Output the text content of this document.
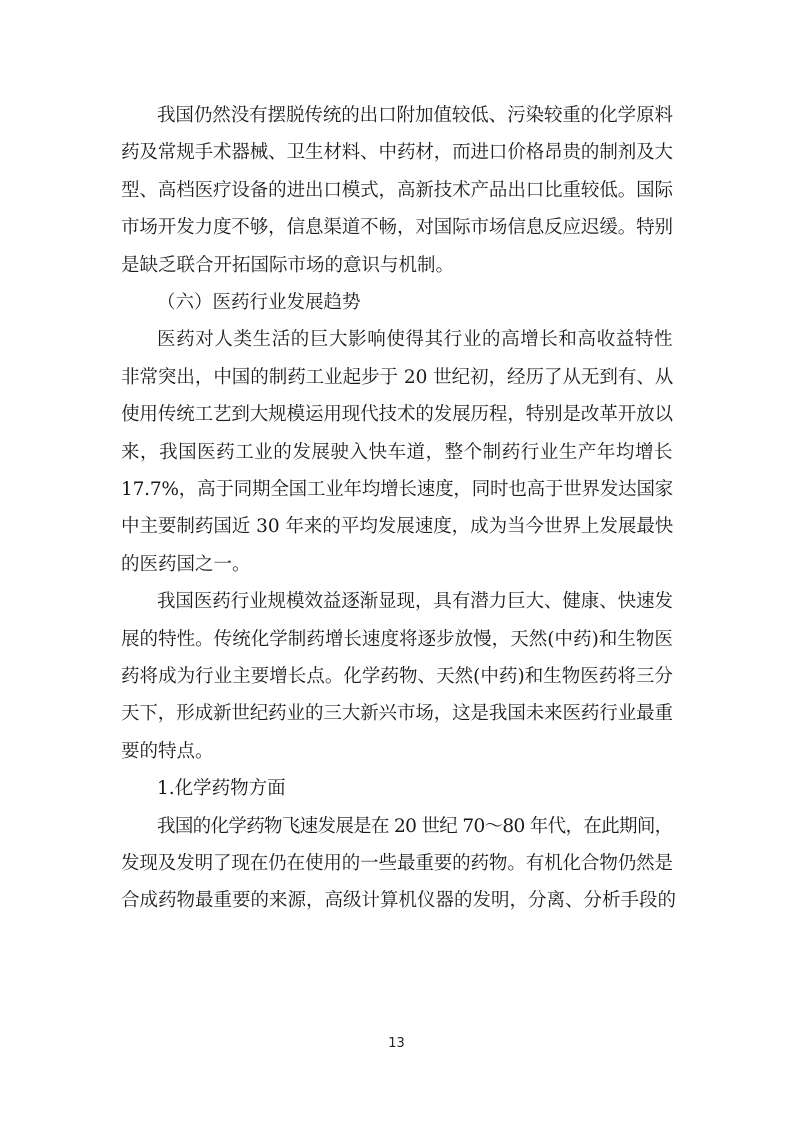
我国仍然没有摆脱传统的出口附加值较低、污染较重的化学原料
药及常规手术器械、卫生材料、中药材，而进口价格昂贵的制剂及大
型、高档医疗设备的进出口模式，高新技术产品出口比重较低。国际
市场开发力度不够，信息渠道不畅，对国际市场信息反应迟缓。特别
是缺乏联合开拓国际市场的意识与机制。
（六）医药行业发展趋势
医药对人类生活的巨大影响使得其行业的高增长和高收益特性
非常突出，中国的制药工业起步于 20 世纪初，经历了从无到有、从
使用传统工艺到大规模运用现代技术的发展历程，特别是改革开放以
来，我国医药工业的发展驶入快车道，整个制药行业生产年均增长
17.7%，高于同期全国工业年均增长速度，同时也高于世界发达国家
中主要制药国近 30 年来的平均发展速度，成为当今世界上发展最快
的医药国之一。
我国医药行业规模效益逐渐显现，具有潜力巨大、健康、快速发
展的特性。传统化学制药增长速度将逐步放慢，天然(中药)和生物医
药将成为行业主要增长点。化学药物、天然(中药)和生物医药将三分
天下，形成新世纪药业的三大新兴市场，这是我国未来医药行业最重
要的特点。
1.化学药物方面
我国的化学药物飞速发展是在 20 世纪 70～80 年代，在此期间，
发现及发明了现在仍在使用的一些最重要的药物。有机化合物仍然是
合成药物最重要的来源，高级计算机仪器的发明，分离、分析手段的
13
